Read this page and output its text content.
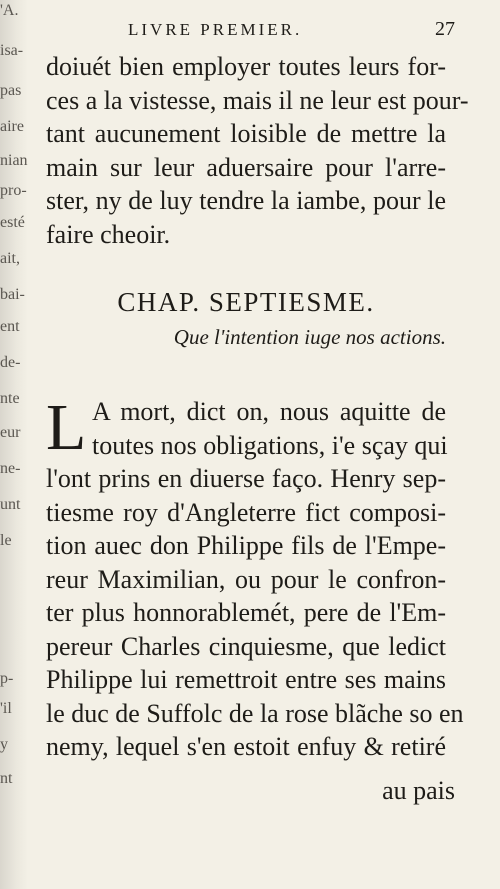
'A.
isa-
pas
aire
nian
pro-
esté
ait,
bai-
ent
de-
nte
eur
ne-
unt
le
p-
'il
y
nt
LIVRE PREMIER.	27
doiuét bien employer toutes leurs for-
ces a la vistesse, mais il ne leur est pour-
tant aucunement loisible de mettre la
main sur leur aduersaire pour l'arre-
ster, ny de luy tendre la iambe, pour le
faire cheoir.
CHAP. SEPTIESME.
Que l'intention iuge nos actions.
L A mort, dict on, nous aquitte de
toutes nos obligations, i'e sçay qui
l'ont prins en diuerse faço. Henry sep-
tiesme roy d'Angleterre fict composi-
tion auec don Philippe fils de l'Empe-
reur Maximilian, ou pour le confron-
ter plus honnorablemét, pere de l'Em-
pereur Charles cinquiesme, que ledict
Philippe lui remettroit entre ses mains
le duc de Suffolc de la rose blãche so en
nemy, lequel s'en estoit enfuy & retiré
au pais
